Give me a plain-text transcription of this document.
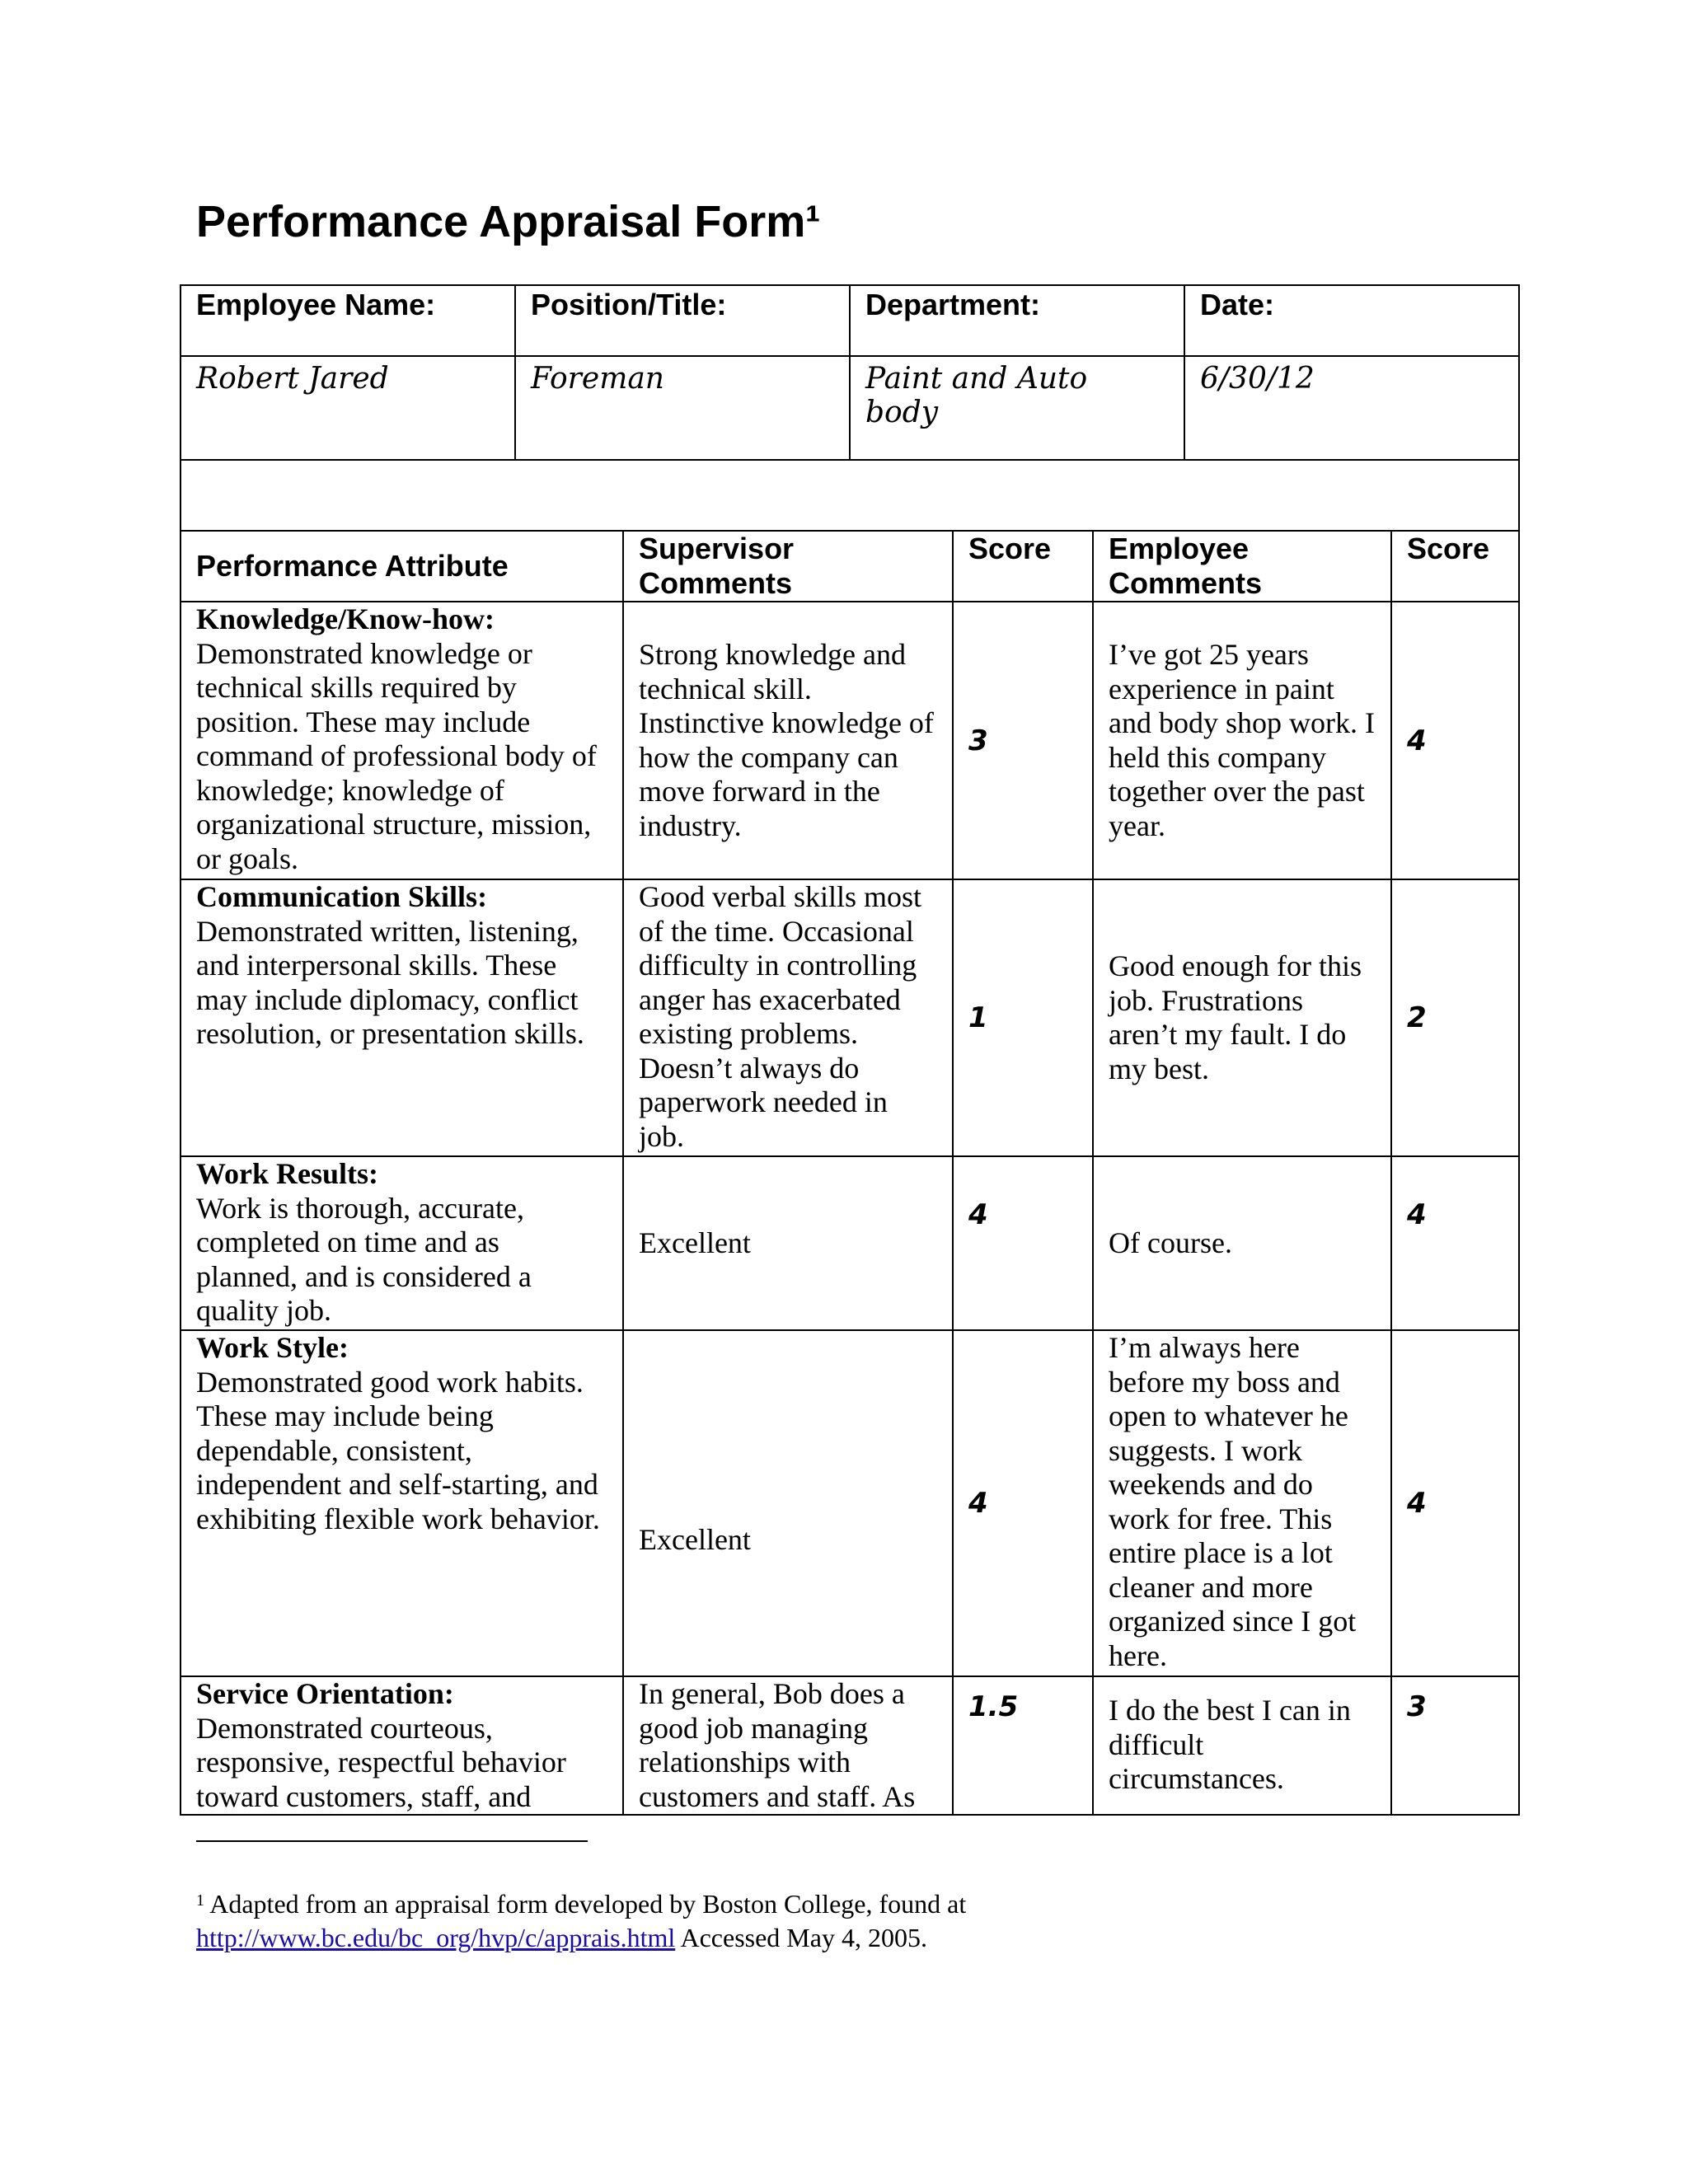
Performance Appraisal Form¹
Employee Name:	Position/Title:	Department:	Date:
Robert Jared	Foreman	Paint and Auto body	6/30/12

Performance Attribute	Supervisor Comments	Score	Employee Comments	Score

Knowledge/Know-how:
Demonstrated knowledge or technical skills required by position. These may include command of professional body of knowledge; knowledge of organizational structure, mission, or goals.	Strong knowledge and technical skill. Instinctive knowledge of how the company can move forward in the industry.	3	I’ve got 25 years experience in paint and body shop work. I held this company together over the past year.	4

Communication Skills:
Demonstrated written, listening, and interpersonal skills. These may include diplomacy, conflict resolution, or presentation skills.	Good verbal skills most of the time. Occasional difficulty in controlling anger has exacerbated existing problems. Doesn’t always do paperwork needed in job.	1	Good enough for this job. Frustrations aren’t my fault. I do my best.	2

Work Results:
Work is thorough, accurate, completed on time and as planned, and is considered a quality job.	Excellent	4	Of course.	4

Work Style:
Demonstrated good work habits. These may include being dependable, consistent, independent and self-starting, and exhibiting flexible work behavior.	Excellent	4	I’m always here before my boss and open to whatever he suggests. I work weekends and do work for free. This entire place is a lot cleaner and more organized since I got here.	4

Service Orientation:
Demonstrated courteous, responsive, respectful behavior toward customers, staff, and	In general, Bob does a good job managing relationships with customers and staff. As	1.5	I do the best I can in difficult circumstances.	3
$^1$ Adapted from an appraisal form developed by Boston College, found at
http://www.bc.edu/bc_org/hvp/c/apprais.html Accessed May 4, 2005.
